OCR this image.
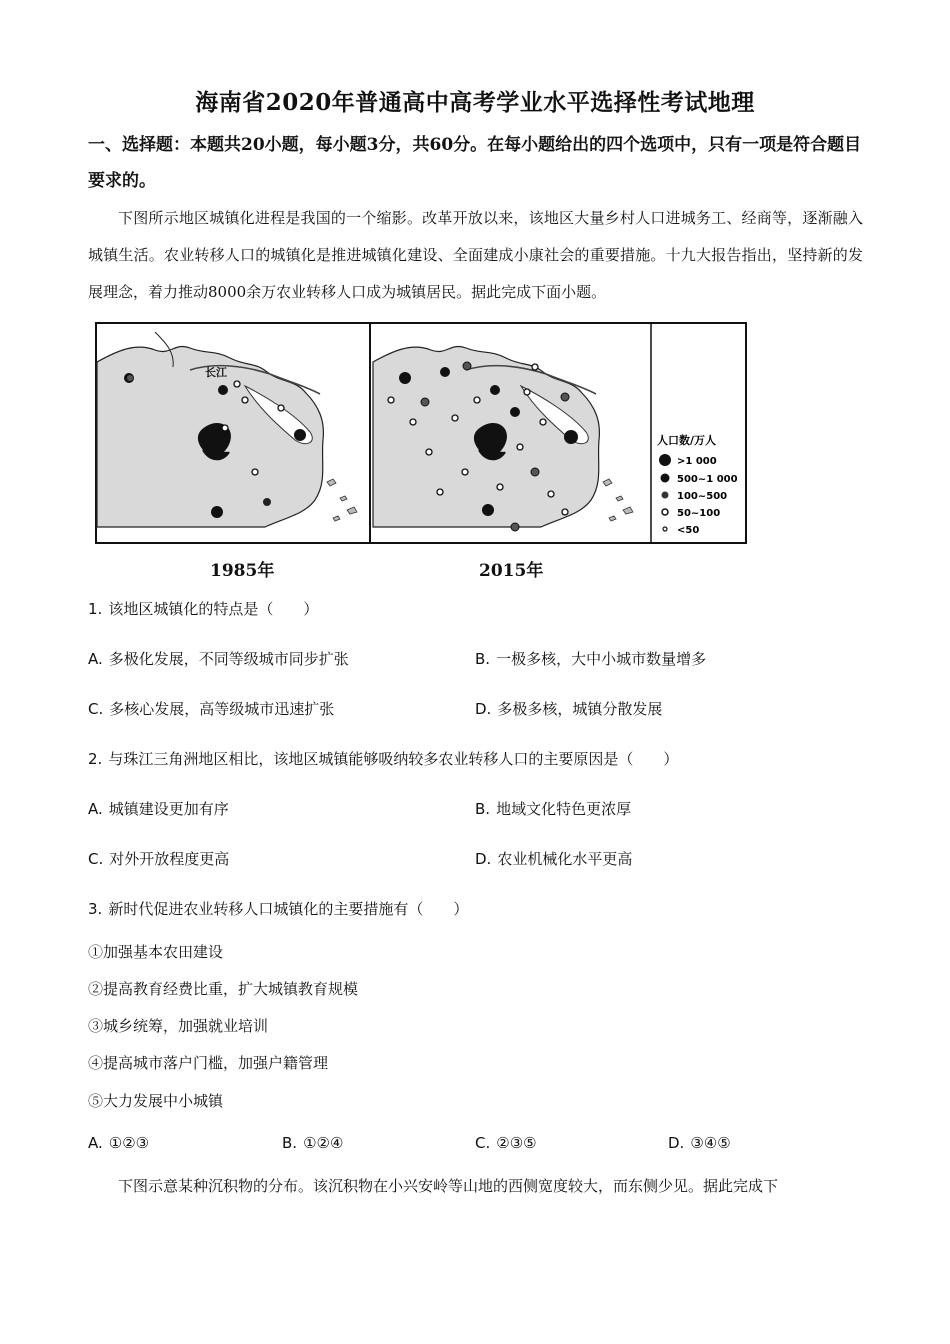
海南省2020年普通高中高考学业水平选择性考试地理
一、选择题：本题共20小题，每小题3分，共60分。在每小题给出的四个选项中，只有一项是符合题目要求的。
下图所示地区城镇化进程是我国的一个缩影。改革开放以来，该地区大量乡村人口进城务工、经商等，逐渐融入城镇生活。农业转移人口的城镇化是推进城镇化建设、全面建成小康社会的重要措施。十九大报告指出，坚持新的发展理念，着力推动8000余万农业转移人口成为城镇居民。据此完成下面小题。
长江
人口数/万人
>1 000
500~1 000
100~500
50~100
<50
1985年	2015年
1. 该地区城镇化的特点是（　　）
A. 多极化发展，不同等级城市同步扩张	B. 一极多核，大中小城市数量增多
C. 多核心发展，高等级城市迅速扩张	D. 多极多核，城镇分散发展
2. 与珠江三角洲地区相比，该地区城镇能够吸纳较多农业转移人口的主要原因是（　　）
A. 城镇建设更加有序	B. 地域文化特色更浓厚
C. 对外开放程度更高	D. 农业机械化水平更高
3. 新时代促进农业转移人口城镇化的主要措施有（　　）
①加强基本农田建设
②提高教育经费比重，扩大城镇教育规模
③城乡统筹，加强就业培训
④提高城市落户门槛，加强户籍管理
⑤大力发展中小城镇
A. ①②③	B. ①②④	C. ②③⑤	D. ③④⑤
下图示意某种沉积物的分布。该沉积物在小兴安岭等山地的西侧宽度较大，而东侧少见。据此完成下
